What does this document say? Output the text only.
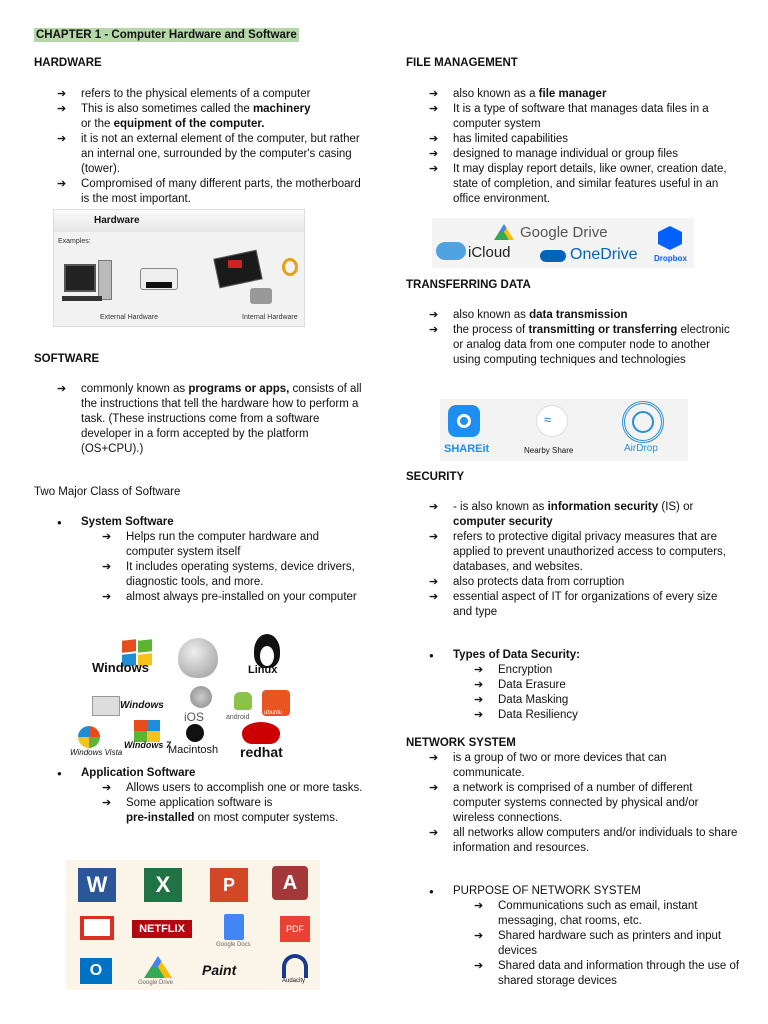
CHAPTER 1 - Computer Hardware and Software
HARDWARE
➔ refers to the physical elements of a computer
➔ This is also sometimes called the machinery
or the equipment of the computer.
➔ it is not an external element of the computer, but rather an internal one, surrounded by the computer's casing (tower).
➔ Compromised of many different parts, the motherboard is the most important.
Hardware
Examples:
External Hardware	Internal Hardware
SOFTWARE
➔ commonly known as programs or apps, consists of all the instructions that tell the hardware how to perform a task. (These instructions come from a software developer in a form accepted by the platform (OS+CPU).)
Two Major Class of Software
● System Software
➔ Helps run the computer hardware and computer system itself
➔ It includes operating systems, device drivers, diagnostic tools, and more.
➔ almost always pre-installed on your computer
Windows	Linux
Windows
iOS	android
ubuntu
Windows Vista
Windows 7
Macintosh redhat
● Application Software
➔ Allows users to accomplish one or more tasks.
➔ Some application software is
pre-installed on most computer systems.
W	X	P	A
NETFLIX
Google Docs
PDF
O
Google Drive
Paint
Audacity
FILE MANAGEMENT
➔ also known as a file manager
➔ It is a type of software that manages data files in a computer system
➔ has limited capabilities
➔ designed to manage individual or group files
➔ It may display report details, like owner, creation date, state of completion, and similar features useful in an office environment.
Google Drive
iCloud	OneDrive Dropbox
TRANSFERRING DATA
➔ also known as data transmission
➔ the process of transmitting or transferring electronic or analog data from one computer node to another using computing techniques and technologies
SHAREit
≈
Nearby Share	AirDrop
SECURITY
➔ - is also known as information security (IS) or computer security
➔ refers to protective digital privacy measures that are applied to prevent unauthorized access to computers, databases, and websites.
➔ also protects data from corruption
➔ essential aspect of IT for organizations of every size and type
● Types of Data Security:
➔ Encryption
➔ Data Erasure
➔ Data Masking
➔ Data Resiliency
NETWORK SYSTEM
➔ is a group of two or more devices that can communicate.
➔ a network is comprised of a number of different computer systems connected by physical and/or wireless connections.
➔ all networks allow computers and/or individuals to share information and resources.
● PURPOSE OF NETWORK SYSTEM
➔ Communications such as email, instant messaging, chat rooms, etc.
➔ Shared hardware such as printers and input devices
➔ Shared data and information through the use of shared storage devices
